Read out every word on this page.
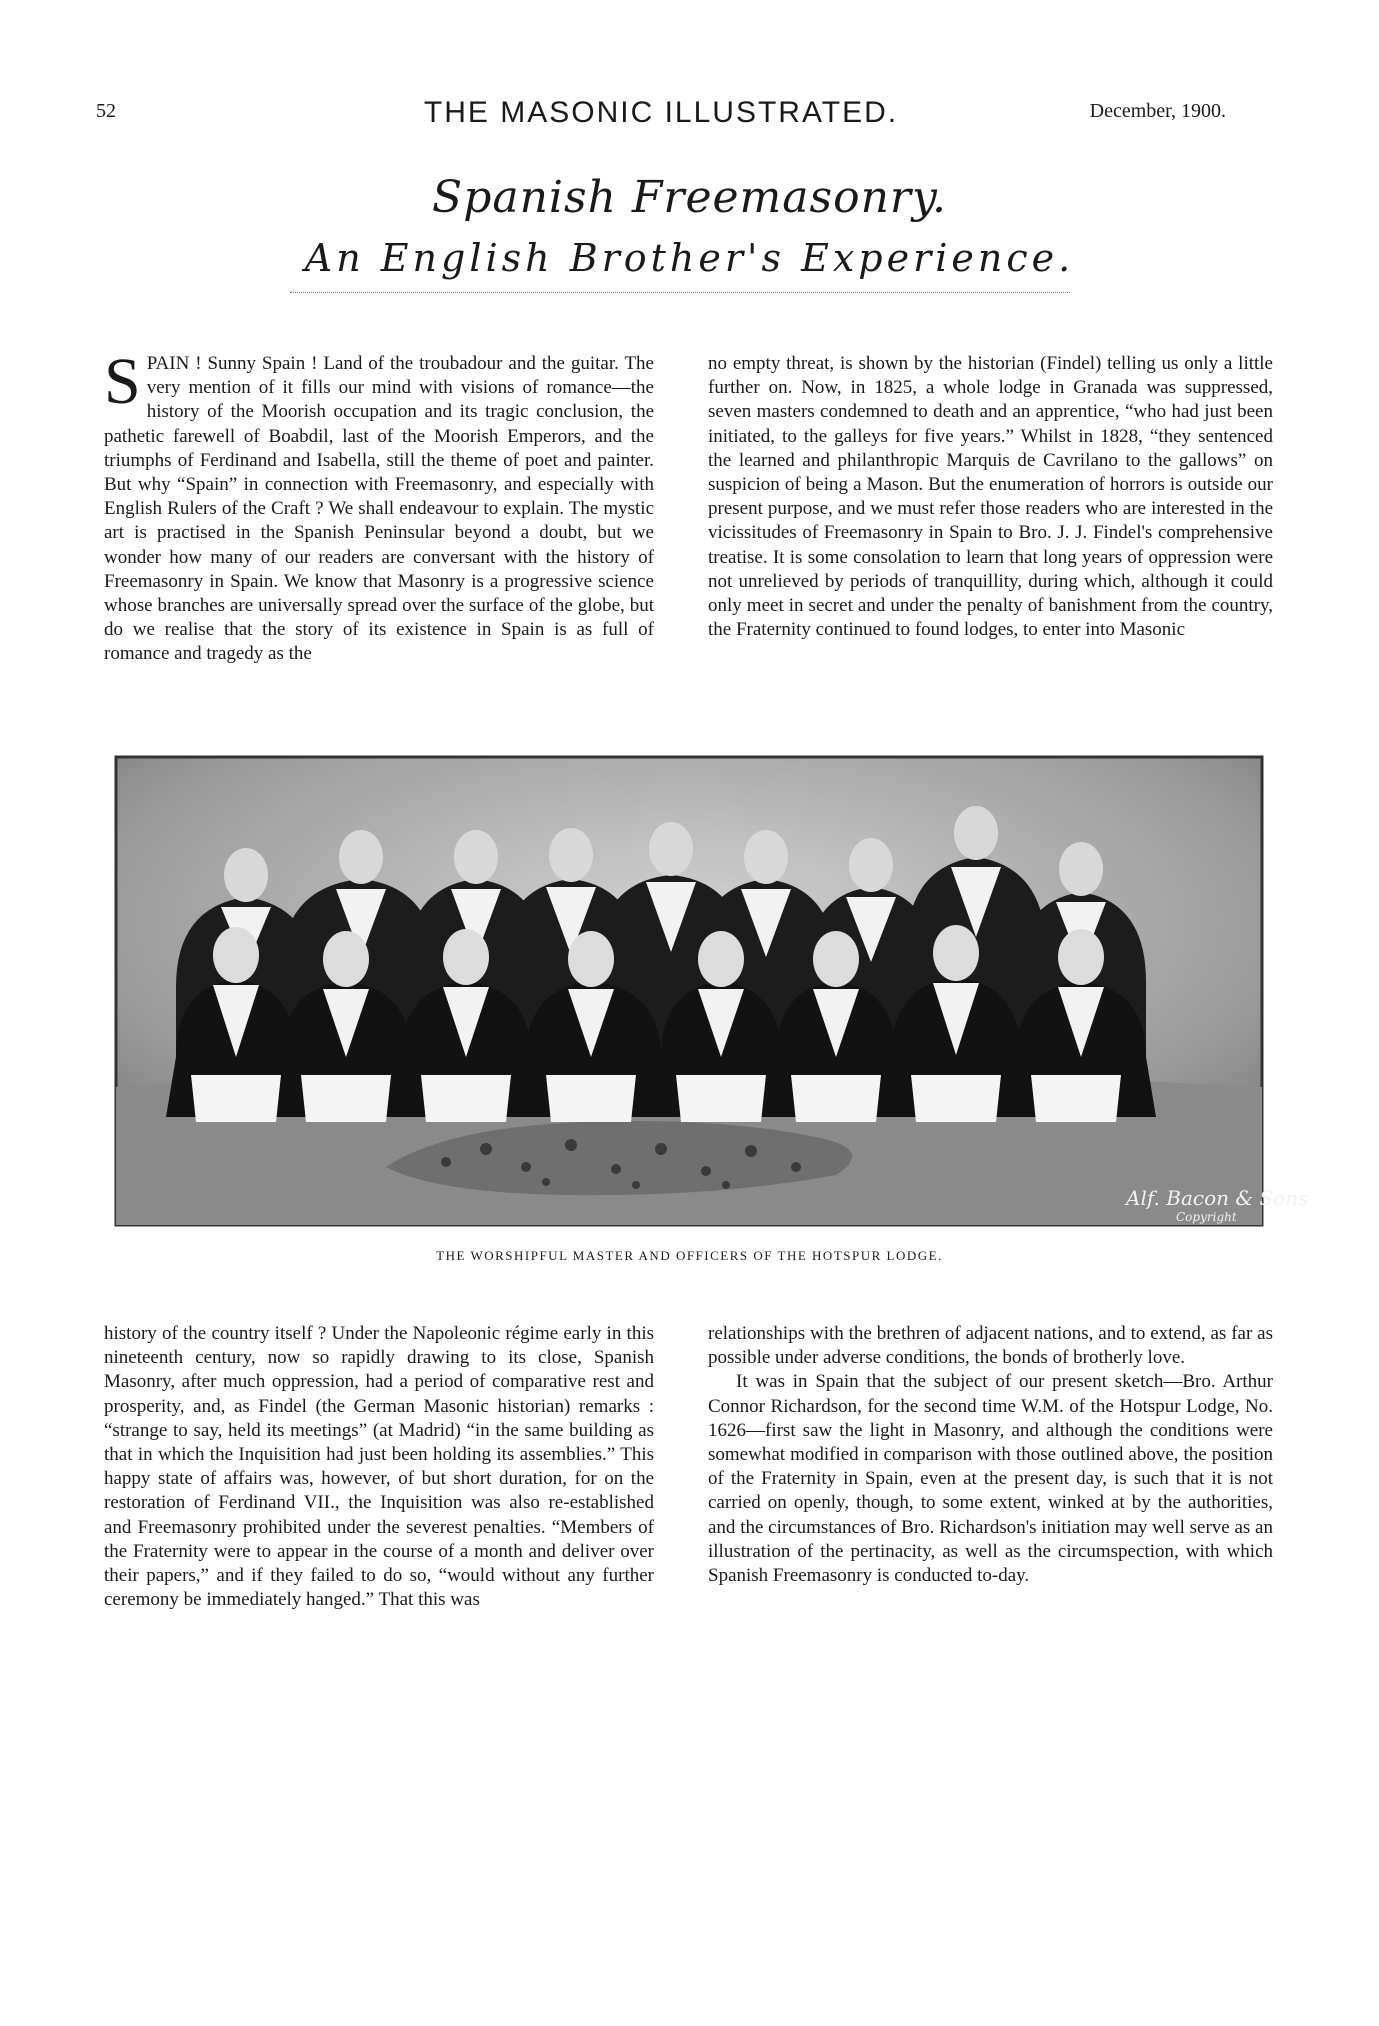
52	THE MASONIC ILLUSTRATED.	December, 1900.
Spanish Freemasonry.
An English Brother's Experience.

SPAIN ! Sunny Spain ! Land of the troubadour and the guitar. The very mention of it fills our mind with visions of romance—the history of the Moorish occupation and its tragic conclusion, the pathetic farewell of Boabdil, last of the Moorish Emperors, and the triumphs of Ferdinand and Isabella, still the theme of poet and painter. But why “Spain” in connection with Freemasonry, and especially with English Rulers of the Craft ? We shall endeavour to explain. The mystic art is practised in the Spanish Peninsular beyond a doubt, but we wonder how many of our readers are conversant with the history of Freemasonry in Spain. We know that Masonry is a progressive science whose branches are universally spread over the surface of the globe, but do we realise that the story of its existence in Spain is as full of romance and tragedy as the

no empty threat, is shown by the historian (Findel) telling us only a little further on. Now, in 1825, a whole lodge in Granada was suppressed, seven masters condemned to death and an apprentice, “who had just been initiated, to the galleys for five years.” Whilst in 1828, “they sentenced the learned and philanthropic Marquis de Cavrilano to the gallows” on suspicion of being a Mason. But the enumeration of horrors is outside our present purpose, and we must refer those readers who are interested in the vicissitudes of Freemasonry in Spain to Bro. J. J. Findel's comprehensive treatise. It is some consolation to learn that long years of oppression were not unrelieved by periods of tranquillity, during which, although it could only meet in secret and under the penalty of banishment from the country, the Fraternity continued to found lodges, to enter into Masonic

Alf. Bacon & Sons
Copyright
THE WORSHIPFUL MASTER AND OFFICERS OF THE HOTSPUR LODGE.

history of the country itself ? Under the Napoleonic régime early in this nineteenth century, now so rapidly drawing to its close, Spanish Masonry, after much oppression, had a period of comparative rest and prosperity, and, as Findel (the German Masonic historian) remarks : “strange to say, held its meetings” (at Madrid) “in the same building as that in which the Inquisition had just been holding its assemblies.” This happy state of affairs was, however, of but short duration, for on the restoration of Ferdinand VII., the Inquisition was also re-established and Freemasonry prohibited under the severest penalties. “Members of the Fraternity were to appear in the course of a month and deliver over their papers,” and if they failed to do so, “would without any further ceremony be immediately hanged.” That this was

relationships with the brethren of adjacent nations, and to extend, as far as possible under adverse conditions, the bonds of brotherly love.

It was in Spain that the subject of our present sketch—Bro. Arthur Connor Richardson, for the second time W.M. of the Hotspur Lodge, No. 1626—first saw the light in Masonry, and although the conditions were somewhat modified in comparison with those outlined above, the position of the Fraternity in Spain, even at the present day, is such that it is not carried on openly, though, to some extent, winked at by the authorities, and the circumstances of Bro. Richardson's initiation may well serve as an illustration of the pertinacity, as well as the circumspection, with which Spanish Freemasonry is conducted to-day.
